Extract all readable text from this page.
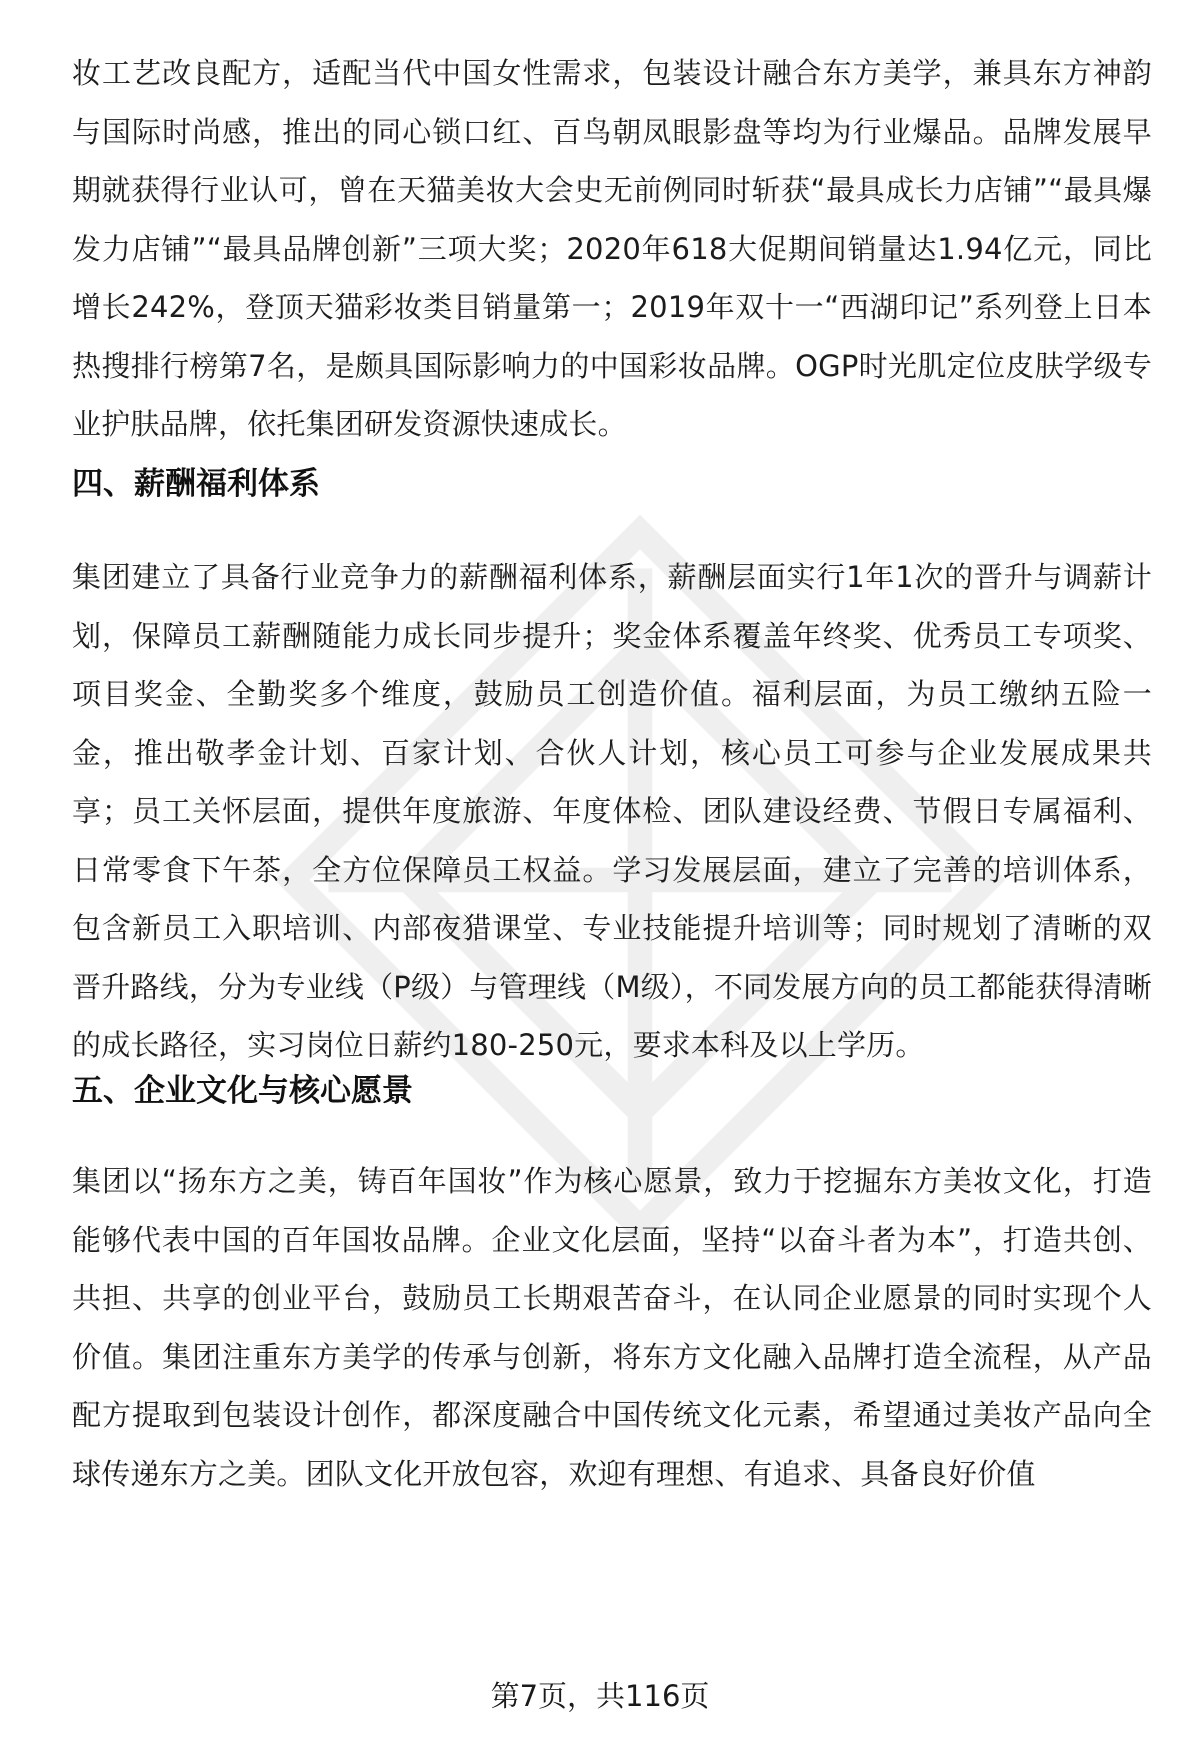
妆工艺改良配方，适配当代中国女性需求，包装设计融合东方美学，兼具东方神韵与国际时尚感，推出的同心锁口红、百鸟朝凤眼影盘等均为行业爆品。品牌发展早期就获得行业认可，曾在天猫美妆大会史无前例同时斩获“最具成长力店铺”“最具爆发力店铺”“最具品牌创新”三项大奖；2020年618大促期间销量达1.94亿元，同比增长242%，登顶天猫彩妆类目销量第一；2019年双十一“西湖印记”系列登上日本热搜排行榜第7名，是颇具国际影响力的中国彩妆品牌。OGP时光肌定位皮肤学级专业护肤品牌，依托集团研发资源快速成长。

四、薪酬福利体系

集团建立了具备行业竞争力的薪酬福利体系，薪酬层面实行1年1次的晋升与调薪计划，保障员工薪酬随能力成长同步提升；奖金体系覆盖年终奖、优秀员工专项奖、项目奖金、全勤奖多个维度，鼓励员工创造价值。福利层面，为员工缴纳五险一金，推出敬孝金计划、百家计划、合伙人计划，核心员工可参与企业发展成果共享；员工关怀层面，提供年度旅游、年度体检、团队建设经费、节假日专属福利、日常零食下午茶，全方位保障员工权益。学习发展层面，建立了完善的培训体系，包含新员工入职培训、内部夜猎课堂、专业技能提升培训等；同时规划了清晰的双晋升路线，分为专业线（P级）与管理线（M级），不同发展方向的员工都能获得清晰的成长路径，实习岗位日薪约180-250元，要求本科及以上学历。

五、企业文化与核心愿景

集团以“扬东方之美，铸百年国妆”作为核心愿景，致力于挖掘东方美妆文化，打造能够代表中国的百年国妆品牌。企业文化层面，坚持“以奋斗者为本”，打造共创、共担、共享的创业平台，鼓励员工长期艰苦奋斗，在认同企业愿景的同时实现个人价值。集团注重东方美学的传承与创新，将东方文化融入品牌打造全流程，从产品配方提取到包装设计创作，都深度融合中国传统文化元素，希望通过美妆产品向全球传递东方之美。团队文化开放包容，欢迎有理想、有追求、具备良好价值

第7页，共116页
